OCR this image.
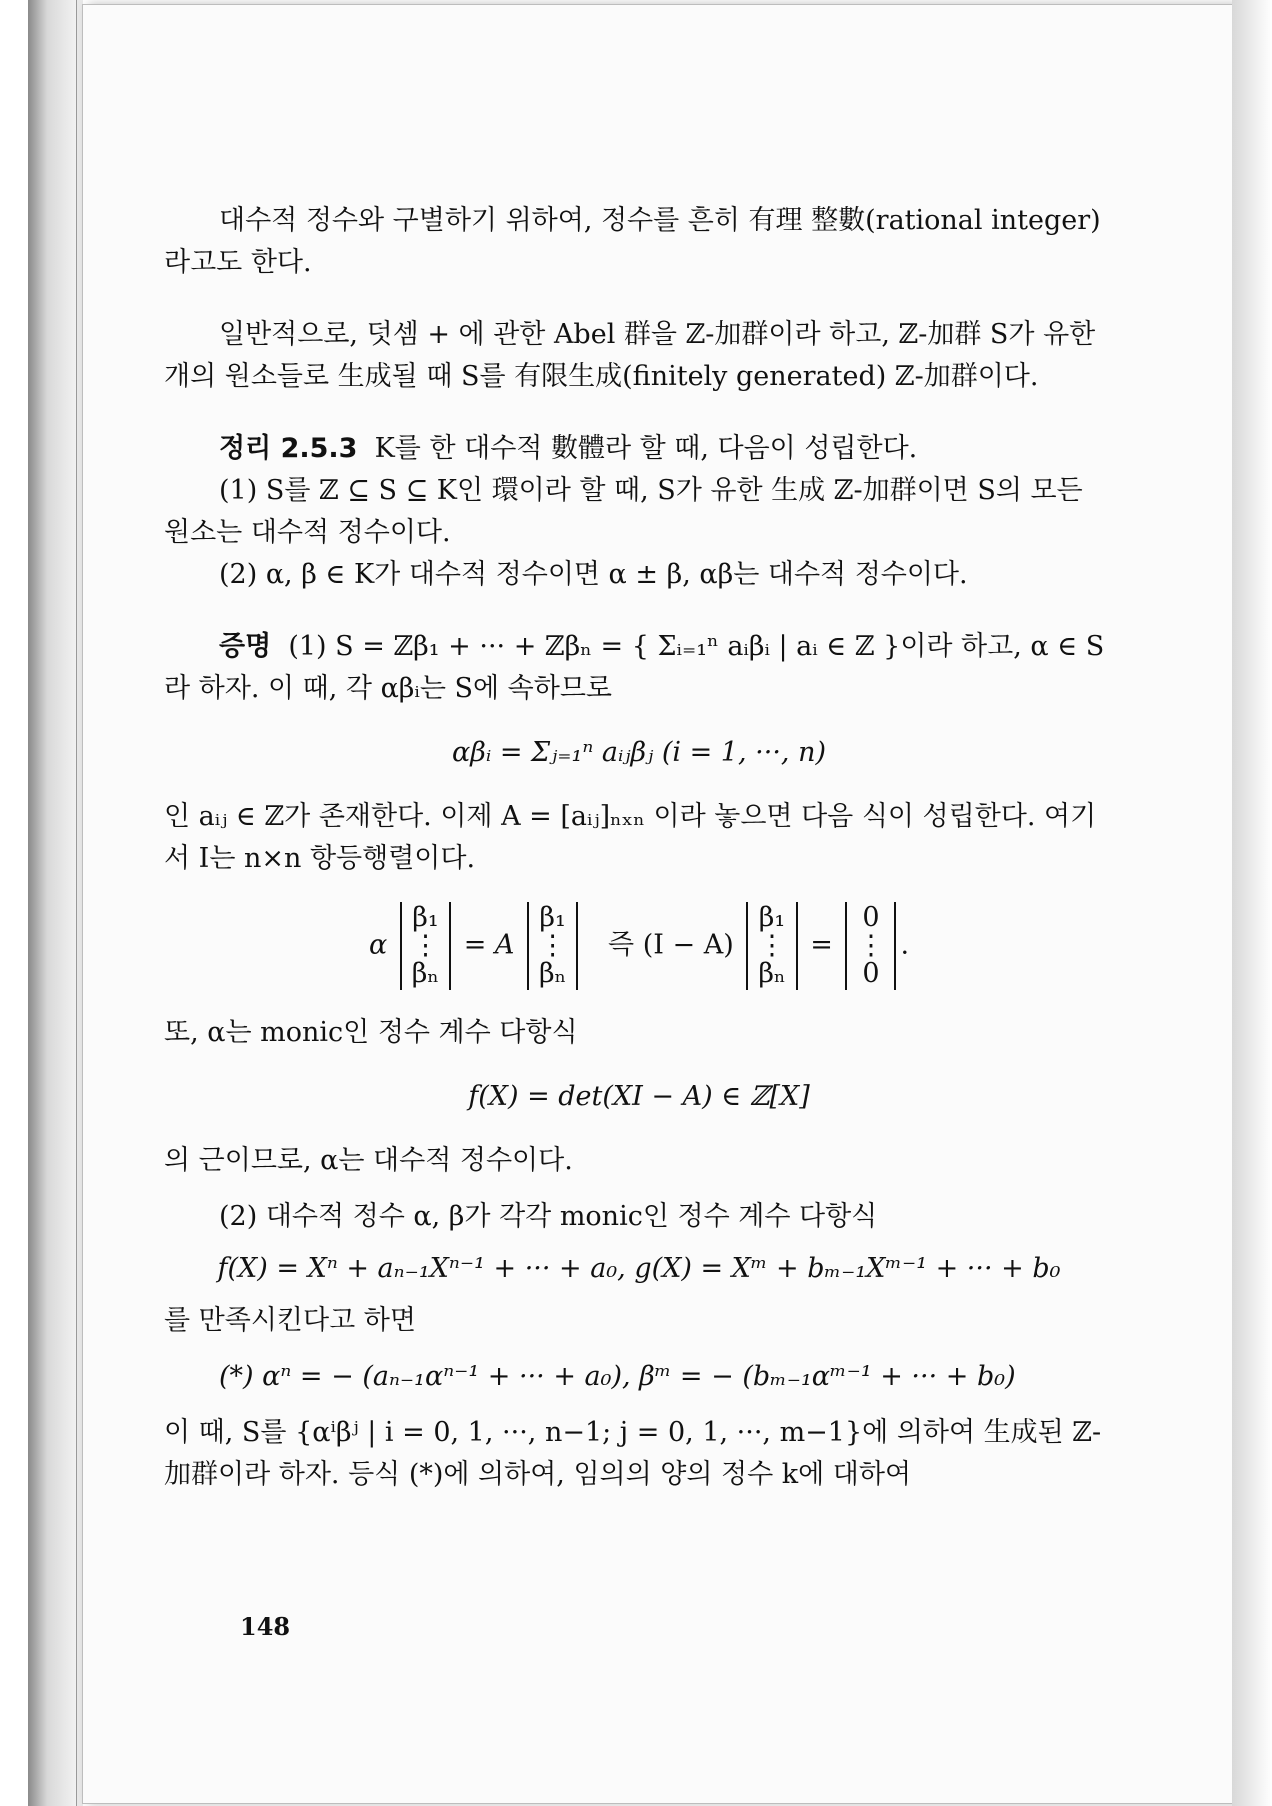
대수적 정수와 구별하기 위하여, 정수를 흔히 有理 整數(rational integer)라고도 한다.

일반적으로, 덧셈 + 에 관한 Abel 群을 ℤ-加群이라 하고, ℤ-加群 S가 유한 개의 원소들로 生成될 때 S를 有限生成(finitely generated) ℤ-加群이다.

정리 2.5.3 K를 한 대수적 數體라 할 때, 다음이 성립한다.

(1) S를 ℤ ⊆ S ⊆ K인 環이라 할 때, S가 유한 生成 ℤ-加群이면 S의 모든 원소는 대수적 정수이다.

(2) α, β ∈ K가 대수적 정수이면 α ± β, αβ는 대수적 정수이다.

증명 (1) S = ℤβ₁ + ··· + ℤβₙ = { Σᵢ₌₁ⁿ aᵢβᵢ | aᵢ ∈ ℤ }이라 하고, α ∈ S 라 하자. 이 때, 각 αβᵢ는 S에 속하므로

αβᵢ = Σⱼ₌₁ⁿ aᵢⱼβⱼ (i = 1, ···, n)

인 aᵢⱼ ∈ ℤ가 존재한다. 이제 A = [aᵢⱼ]ₙₓₙ 이라 놓으면 다음 식이 성립한다. 여기서 I는 n×n 항등행렬이다.

α β₁
⋮
βₙ = A β₁
⋮
βₙ   즉 (I − A) β₁
⋮
βₙ = 0
⋮
0.

또, α는 monic인 정수 계수 다항식

f(X) = det(XI − A) ∈ ℤ[X]

의 근이므로, α는 대수적 정수이다.

(2) 대수적 정수 α, β가 각각 monic인 정수 계수 다항식

f(X) = Xⁿ + aₙ₋₁Xⁿ⁻¹ + ··· + a₀, g(X) = Xᵐ + bₘ₋₁Xᵐ⁻¹ + ··· + b₀

를 만족시킨다고 하면

(*) αⁿ = − (aₙ₋₁αⁿ⁻¹ + ··· + a₀), βᵐ = − (bₘ₋₁αᵐ⁻¹ + ··· + b₀)

이 때, S를 {αⁱβʲ | i = 0, 1, ···, n−1; j = 0, 1, ···, m−1}에 의하여 生成된 ℤ-加群이라 하자. 등식 (*)에 의하여, 임의의 양의 정수 k에 대하여

148
